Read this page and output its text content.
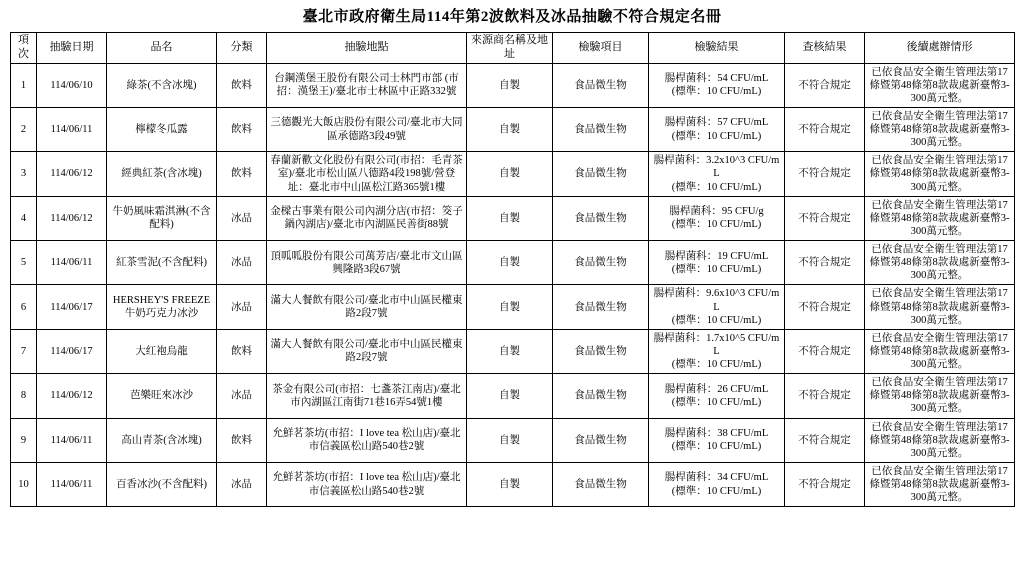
臺北市政府衛生局114年第2波飲料及冰品抽驗不符合規定名冊
項次	抽驗日期	品名	分類	抽驗地點	來源商名稱及地址	檢驗項目	檢驗結果	查核結果	後續處辦情形
1	114/06/10	綠茶(不含冰塊)	飲料	台鋼漢堡王股份有限公司士林門市部 (市招：漢堡王)/臺北市士林區中正路332號	自製	食品微生物	腸桿菌科：54 CFU/mL
(標準：10 CFU/mL)	不符合規定	已依食品安全衛生管理法第17條暨第48條第8款裁處新臺幣3-300萬元整。
2	114/06/11	檸檬冬瓜露	飲料	三德觀光大飯店股份有限公司/臺北市大同區承德路3段49號	自製	食品微生物	腸桿菌科：57 CFU/mL
(標準：10 CFU/mL)	不符合規定	已依食品安全衛生管理法第17條暨第48條第8款裁處新臺幣3-300萬元整。
3	114/06/12	經典紅茶(含冰塊)	飲料	春蘭新歡文化股份有限公司(市招：毛青茶室)/臺北市松山區八德路4段198號/營登址：臺北市中山區松江路365號1樓	自製	食品微生物	腸桿菌科：3.2x10^3 CFU/mL
(標準：10 CFU/mL)	不符合規定	已依食品安全衛生管理法第17條暨第48條第8款裁處新臺幣3-300萬元整。
4	114/06/12	牛奶風味霜淇淋(不含配料)	冰品	金樑古事業有限公司內湖分店(市招：筊子鍋內湖店)/臺北市內湖區民善街88號	自製	食品微生物	腸桿菌科：95 CFU/g
(標準：10 CFU/mL)	不符合規定	已依食品安全衛生管理法第17條暨第48條第8款裁處新臺幣3-300萬元整。
5	114/06/11	紅茶雪泥(不含配料)	冰品	頂呱呱股份有限公司萬芳店/臺北市文山區興隆路3段67號	自製	食品微生物	腸桿菌科：19 CFU/mL
(標準：10 CFU/mL)	不符合規定	已依食品安全衛生管理法第17條暨第48條第8款裁處新臺幣3-300萬元整。
6	114/06/17	HERSHEY'S FREEZE牛奶巧克力冰沙	冰品	滿大人餐飲有限公司/臺北市中山區民權東路2段7號	自製	食品微生物	腸桿菌科：9.6x10^3 CFU/mL
(標準：10 CFU/mL)	不符合規定	已依食品安全衛生管理法第17條暨第48條第8款裁處新臺幣3-300萬元整。
7	114/06/17	大红袍烏龍	飲料	滿大人餐飲有限公司/臺北市中山區民權東路2段7號	自製	食品微生物	腸桿菌科：1.7x10^5 CFU/mL
(標準：10 CFU/mL)	不符合規定	已依食品安全衛生管理法第17條暨第48條第8款裁處新臺幣3-300萬元整。
8	114/06/12	芭樂旺來冰沙	冰品	茶金有限公司(市招：七盞茶江南店)/臺北市內湖區江南街71巷16弄54號1樓	自製	食品微生物	腸桿菌科：26 CFU/mL
(標準：10 CFU/mL)	不符合規定	已依食品安全衛生管理法第17條暨第48條第8款裁處新臺幣3-300萬元整。
9	114/06/11	高山青茶(含冰塊)	飲料	允鮮茗茶坊(市招：I love tea 松山店)/臺北市信義區松山路540巷2號	自製	食品微生物	腸桿菌科：38 CFU/mL
(標準：10 CFU/mL)	不符合規定	已依食品安全衛生管理法第17條暨第48條第8款裁處新臺幣3-300萬元整。
10	114/06/11	百香冰沙(不含配料)	冰品	允鮮茗茶坊(市招：I love tea 松山店)/臺北市信義區松山路540巷2號	自製	食品微生物	腸桿菌科：34 CFU/mL
(標準：10 CFU/mL)	不符合規定	已依食品安全衛生管理法第17條暨第48條第8款裁處新臺幣3-300萬元整。
